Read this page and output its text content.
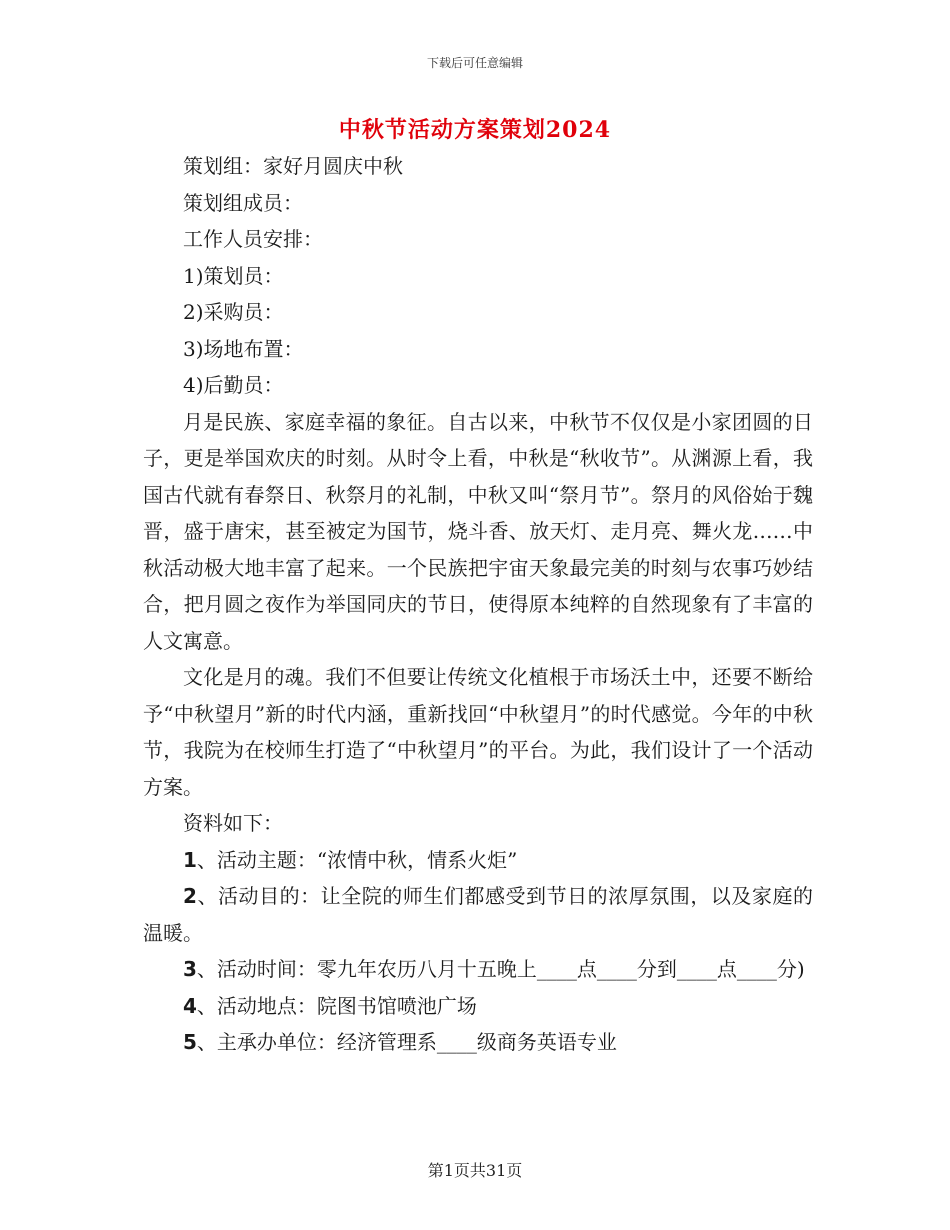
下载后可任意编辑
中秋节活动方案策划2024

策划组：家好月圆庆中秋

策划组成员：

工作人员安排：

1)策划员：

2)采购员：

3)场地布置：

4)后勤员：

月是民族、家庭幸福的象征。自古以来，中秋节不仅仅是小家团圆的日子，更是举国欢庆的时刻。从时令上看，中秋是“秋收节”。从渊源上看，我国古代就有春祭日、秋祭月的礼制，中秋又叫“祭月节”。祭月的风俗始于魏晋，盛于唐宋，甚至被定为国节，烧斗香、放天灯、走月亮、舞火龙……中秋活动极大地丰富了起来。一个民族把宇宙天象最完美的时刻与农事巧妙结合，把月圆之夜作为举国同庆的节日，使得原本纯粹的自然现象有了丰富的人文寓意。

文化是月的魂。我们不但要让传统文化植根于市场沃土中，还要不断给予“中秋望月”新的时代内涵，重新找回“中秋望月”的时代感觉。今年的中秋节，我院为在校师生打造了“中秋望月”的平台。为此，我们设计了一个活动方案。

资料如下：

1、活动主题：“浓情中秋，情系火炬”

2、活动目的：让全院的师生们都感受到节日的浓厚氛围，以及家庭的温暖。

3、活动时间：零九年农历八月十五晚上____点____分到____点____分)

4、活动地点：院图书馆喷池广场

5、主承办单位：经济管理系____级商务英语专业

第1页共31页
